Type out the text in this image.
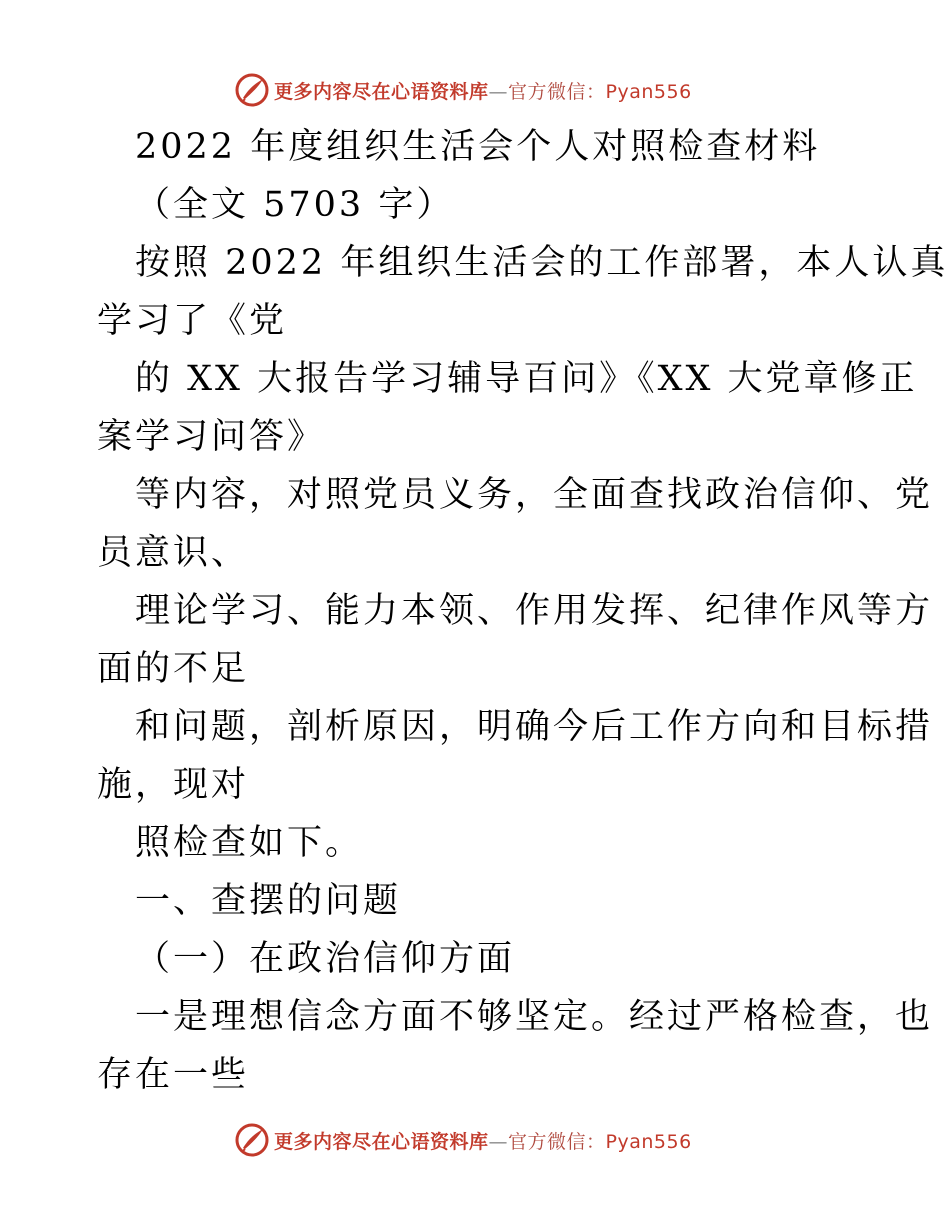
更多内容尽在心语资料库—官方微信：Pyan556
2022 年度组织生活会个人对照检查材料
（全文 5703 字）
按照 2022 年组织生活会的工作部署，本人认真
学习了《党
的 XX 大报告学习辅导百问》《XX 大党章修正
案学习问答》
等内容，对照党员义务，全面查找政治信仰、党
员意识、
理论学习、能力本领、作用发挥、纪律作风等方
面的不足
和问题，剖析原因，明确今后工作方向和目标措
施，现对
照检查如下。
一、查摆的问题
（一）在政治信仰方面
一是理想信念方面不够坚定。经过严格检查，也
存在一些
更多内容尽在心语资料库—官方微信：Pyan556
